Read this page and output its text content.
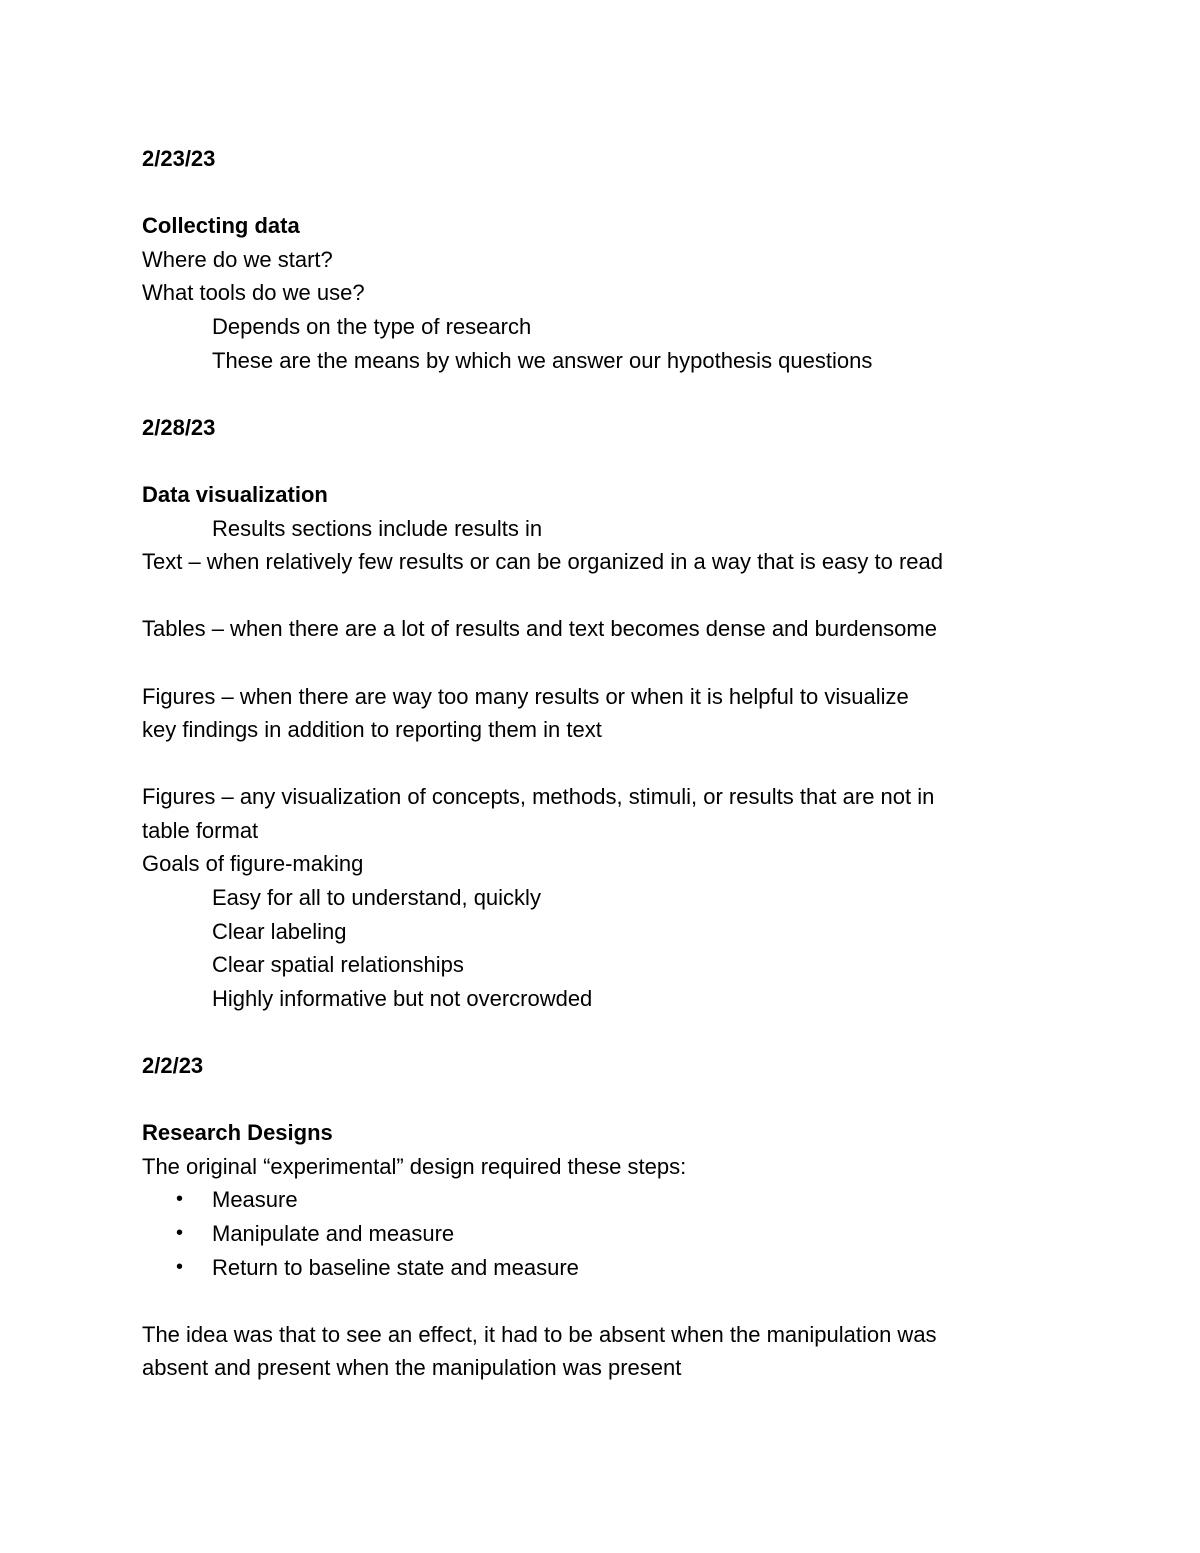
2/23/23
Collecting data
Where do we start?
What tools do we use?
Depends on the type of research
These are the means by which we answer our hypothesis questions
2/28/23
Data visualization
Results sections include results in
Text – when relatively few results or can be organized in a way that is easy to read
Tables – when there are a lot of results and text becomes dense and burdensome
Figures – when there are way too many results or when it is helpful to visualize
key findings in addition to reporting them in text
Figures – any visualization of concepts, methods, stimuli, or results that are not in
table format
Goals of figure-making
Easy for all to understand, quickly
Clear labeling
Clear spatial relationships
Highly informative but not overcrowded
2/2/23
Research Designs
The original “experimental” design required these steps:
• Measure
• Manipulate and measure
• Return to baseline state and measure
The idea was that to see an effect, it had to be absent when the manipulation was
absent and present when the manipulation was present
